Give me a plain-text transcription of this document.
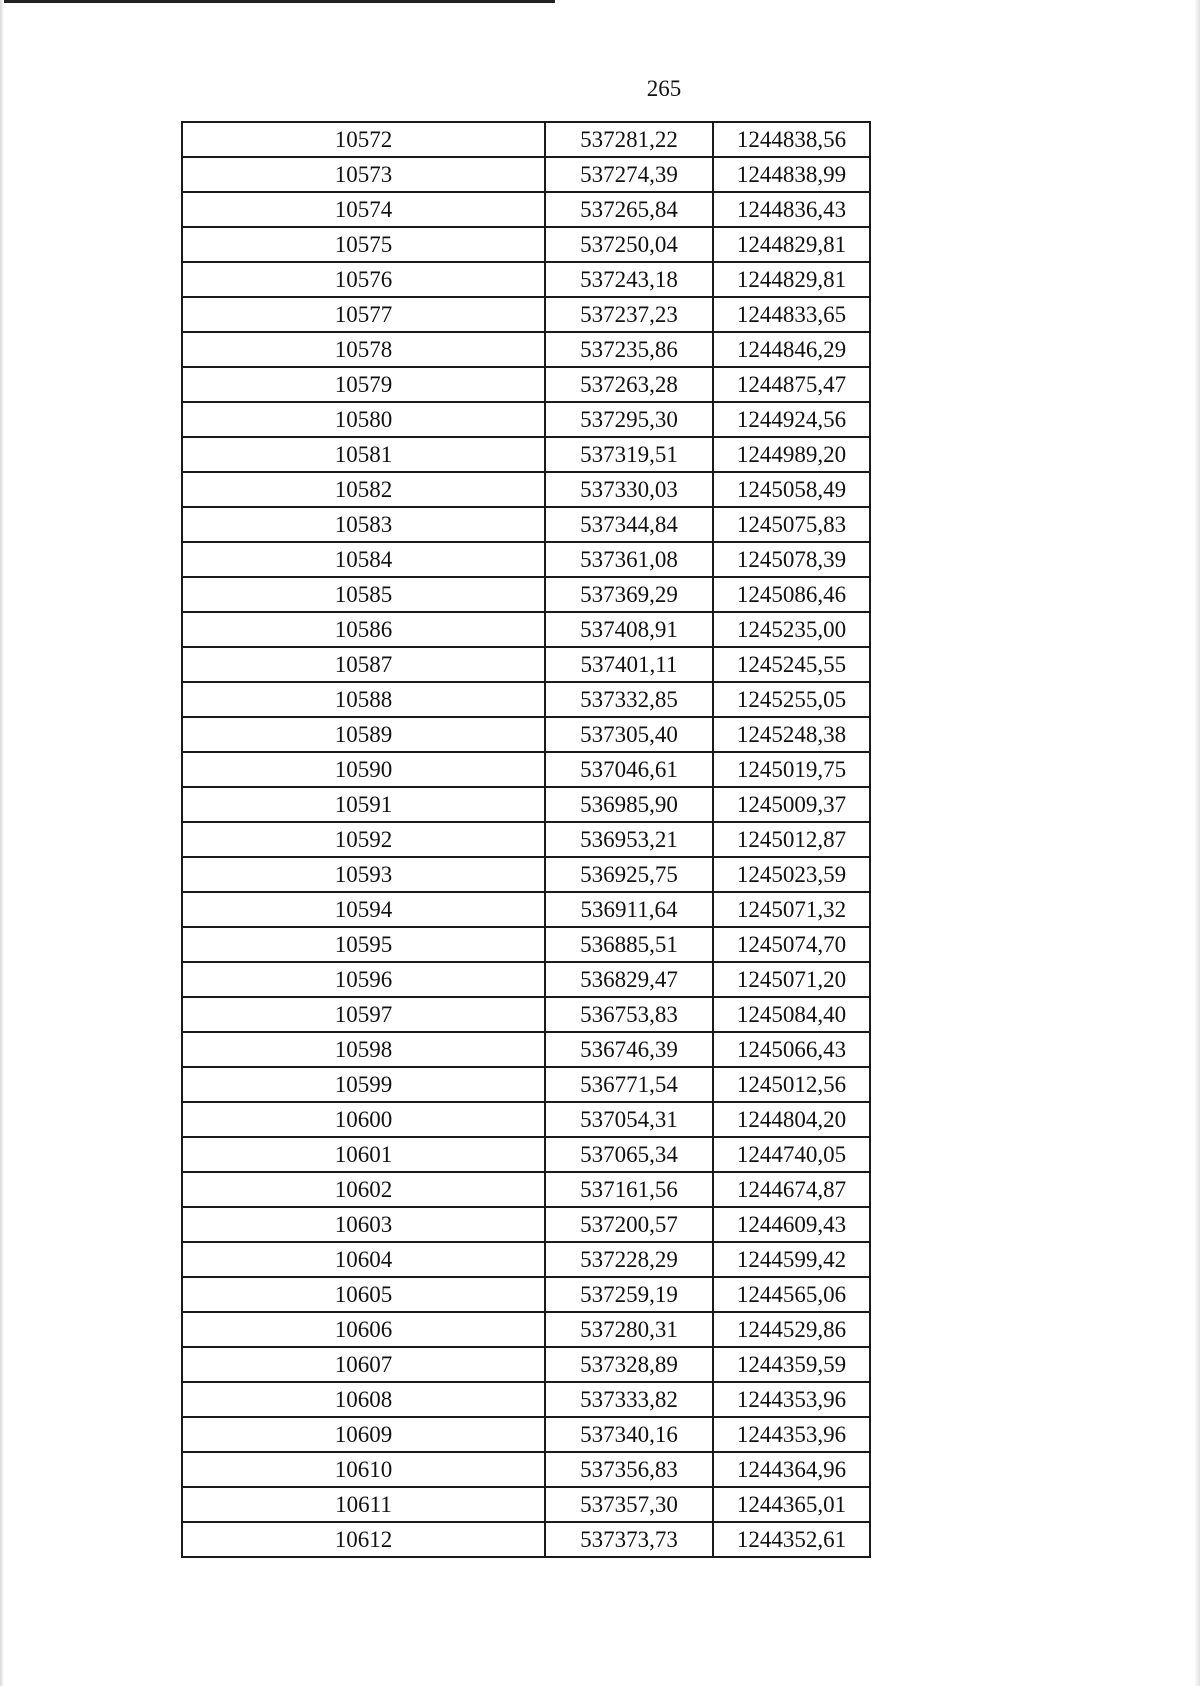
265
10572	537281,22	1244838,56
10573	537274,39	1244838,99
10574	537265,84	1244836,43
10575	537250,04	1244829,81
10576	537243,18	1244829,81
10577	537237,23	1244833,65
10578	537235,86	1244846,29
10579	537263,28	1244875,47
10580	537295,30	1244924,56
10581	537319,51	1244989,20
10582	537330,03	1245058,49
10583	537344,84	1245075,83
10584	537361,08	1245078,39
10585	537369,29	1245086,46
10586	537408,91	1245235,00
10587	537401,11	1245245,55
10588	537332,85	1245255,05
10589	537305,40	1245248,38
10590	537046,61	1245019,75
10591	536985,90	1245009,37
10592	536953,21	1245012,87
10593	536925,75	1245023,59
10594	536911,64	1245071,32
10595	536885,51	1245074,70
10596	536829,47	1245071,20
10597	536753,83	1245084,40
10598	536746,39	1245066,43
10599	536771,54	1245012,56
10600	537054,31	1244804,20
10601	537065,34	1244740,05
10602	537161,56	1244674,87
10603	537200,57	1244609,43
10604	537228,29	1244599,42
10605	537259,19	1244565,06
10606	537280,31	1244529,86
10607	537328,89	1244359,59
10608	537333,82	1244353,96
10609	537340,16	1244353,96
10610	537356,83	1244364,96
10611	537357,30	1244365,01
10612	537373,73	1244352,61
